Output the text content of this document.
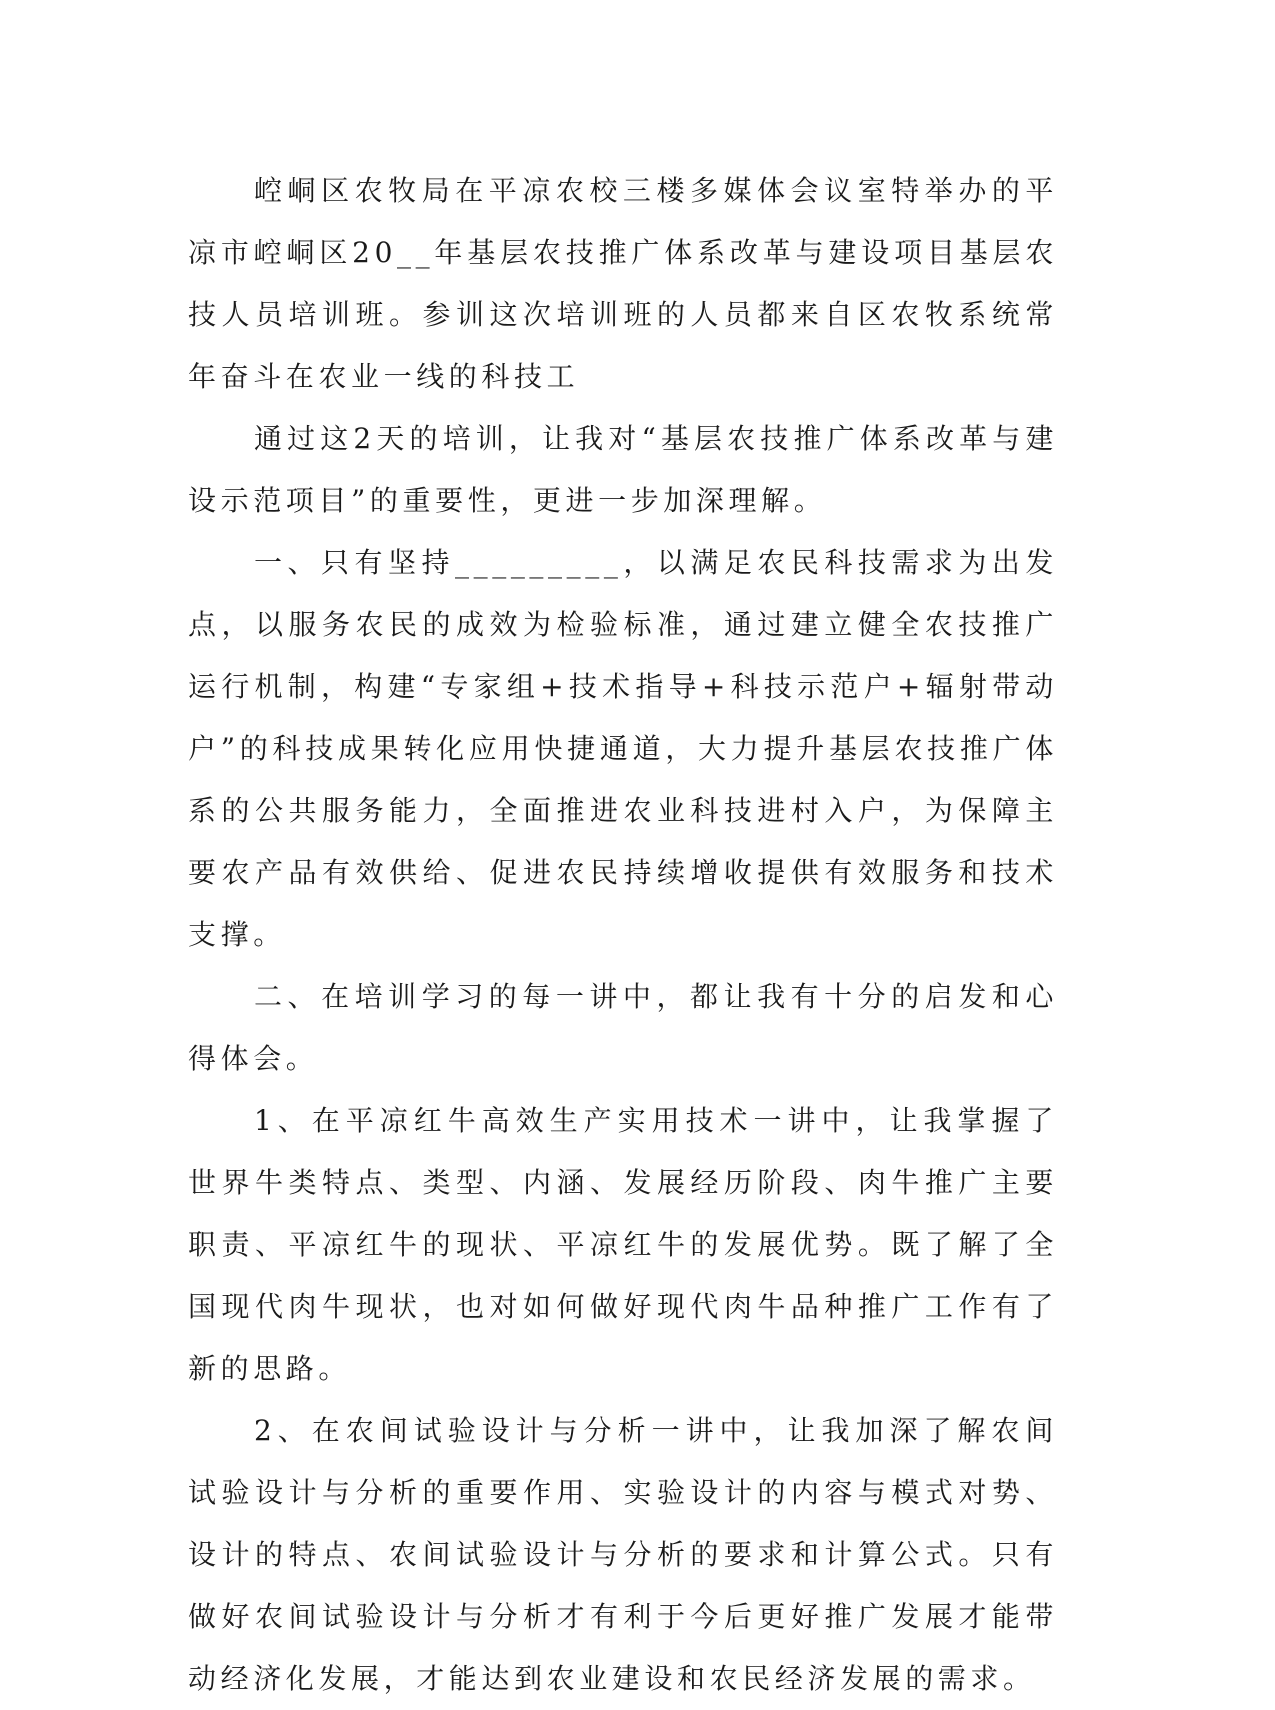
崆峒区农牧局在平凉农校三楼多媒体会议室特举办的平凉市崆峒区20__年基层农技推广体系改革与建设项目基层农技人员培训班。参训这次培训班的人员都来自区农牧系统常年奋斗在农业一线的科技工

通过这2天的培训，让我对“基层农技推广体系改革与建设示范项目”的重要性，更进一步加深理解。

一、只有坚持_________，以满足农民科技需求为出发点，以服务农民的成效为检验标准，通过建立健全农技推广运行机制，构建“专家组+技术指导+科技示范户+辐射带动户”的科技成果转化应用快捷通道，大力提升基层农技推广体系的公共服务能力，全面推进农业科技进村入户，为保障主要农产品有效供给、促进农民持续增收提供有效服务和技术支撑。

二、在培训学习的每一讲中，都让我有十分的启发和心得体会。

1、在平凉红牛高效生产实用技术一讲中，让我掌握了世界牛类特点、类型、内涵、发展经历阶段、肉牛推广主要职责、平凉红牛的现状、平凉红牛的发展优势。既了解了全国现代肉牛现状，也对如何做好现代肉牛品种推广工作有了新的思路。

2、在农间试验设计与分析一讲中，让我加深了解农间试验设计与分析的重要作用、实验设计的内容与模式对势、设计的特点、农间试验设计与分析的要求和计算公式。只有做好农间试验设计与分析才有利于今后更好推广发展才能带动经济化发展，才能达到农业建设和农民经济发展的需求。
